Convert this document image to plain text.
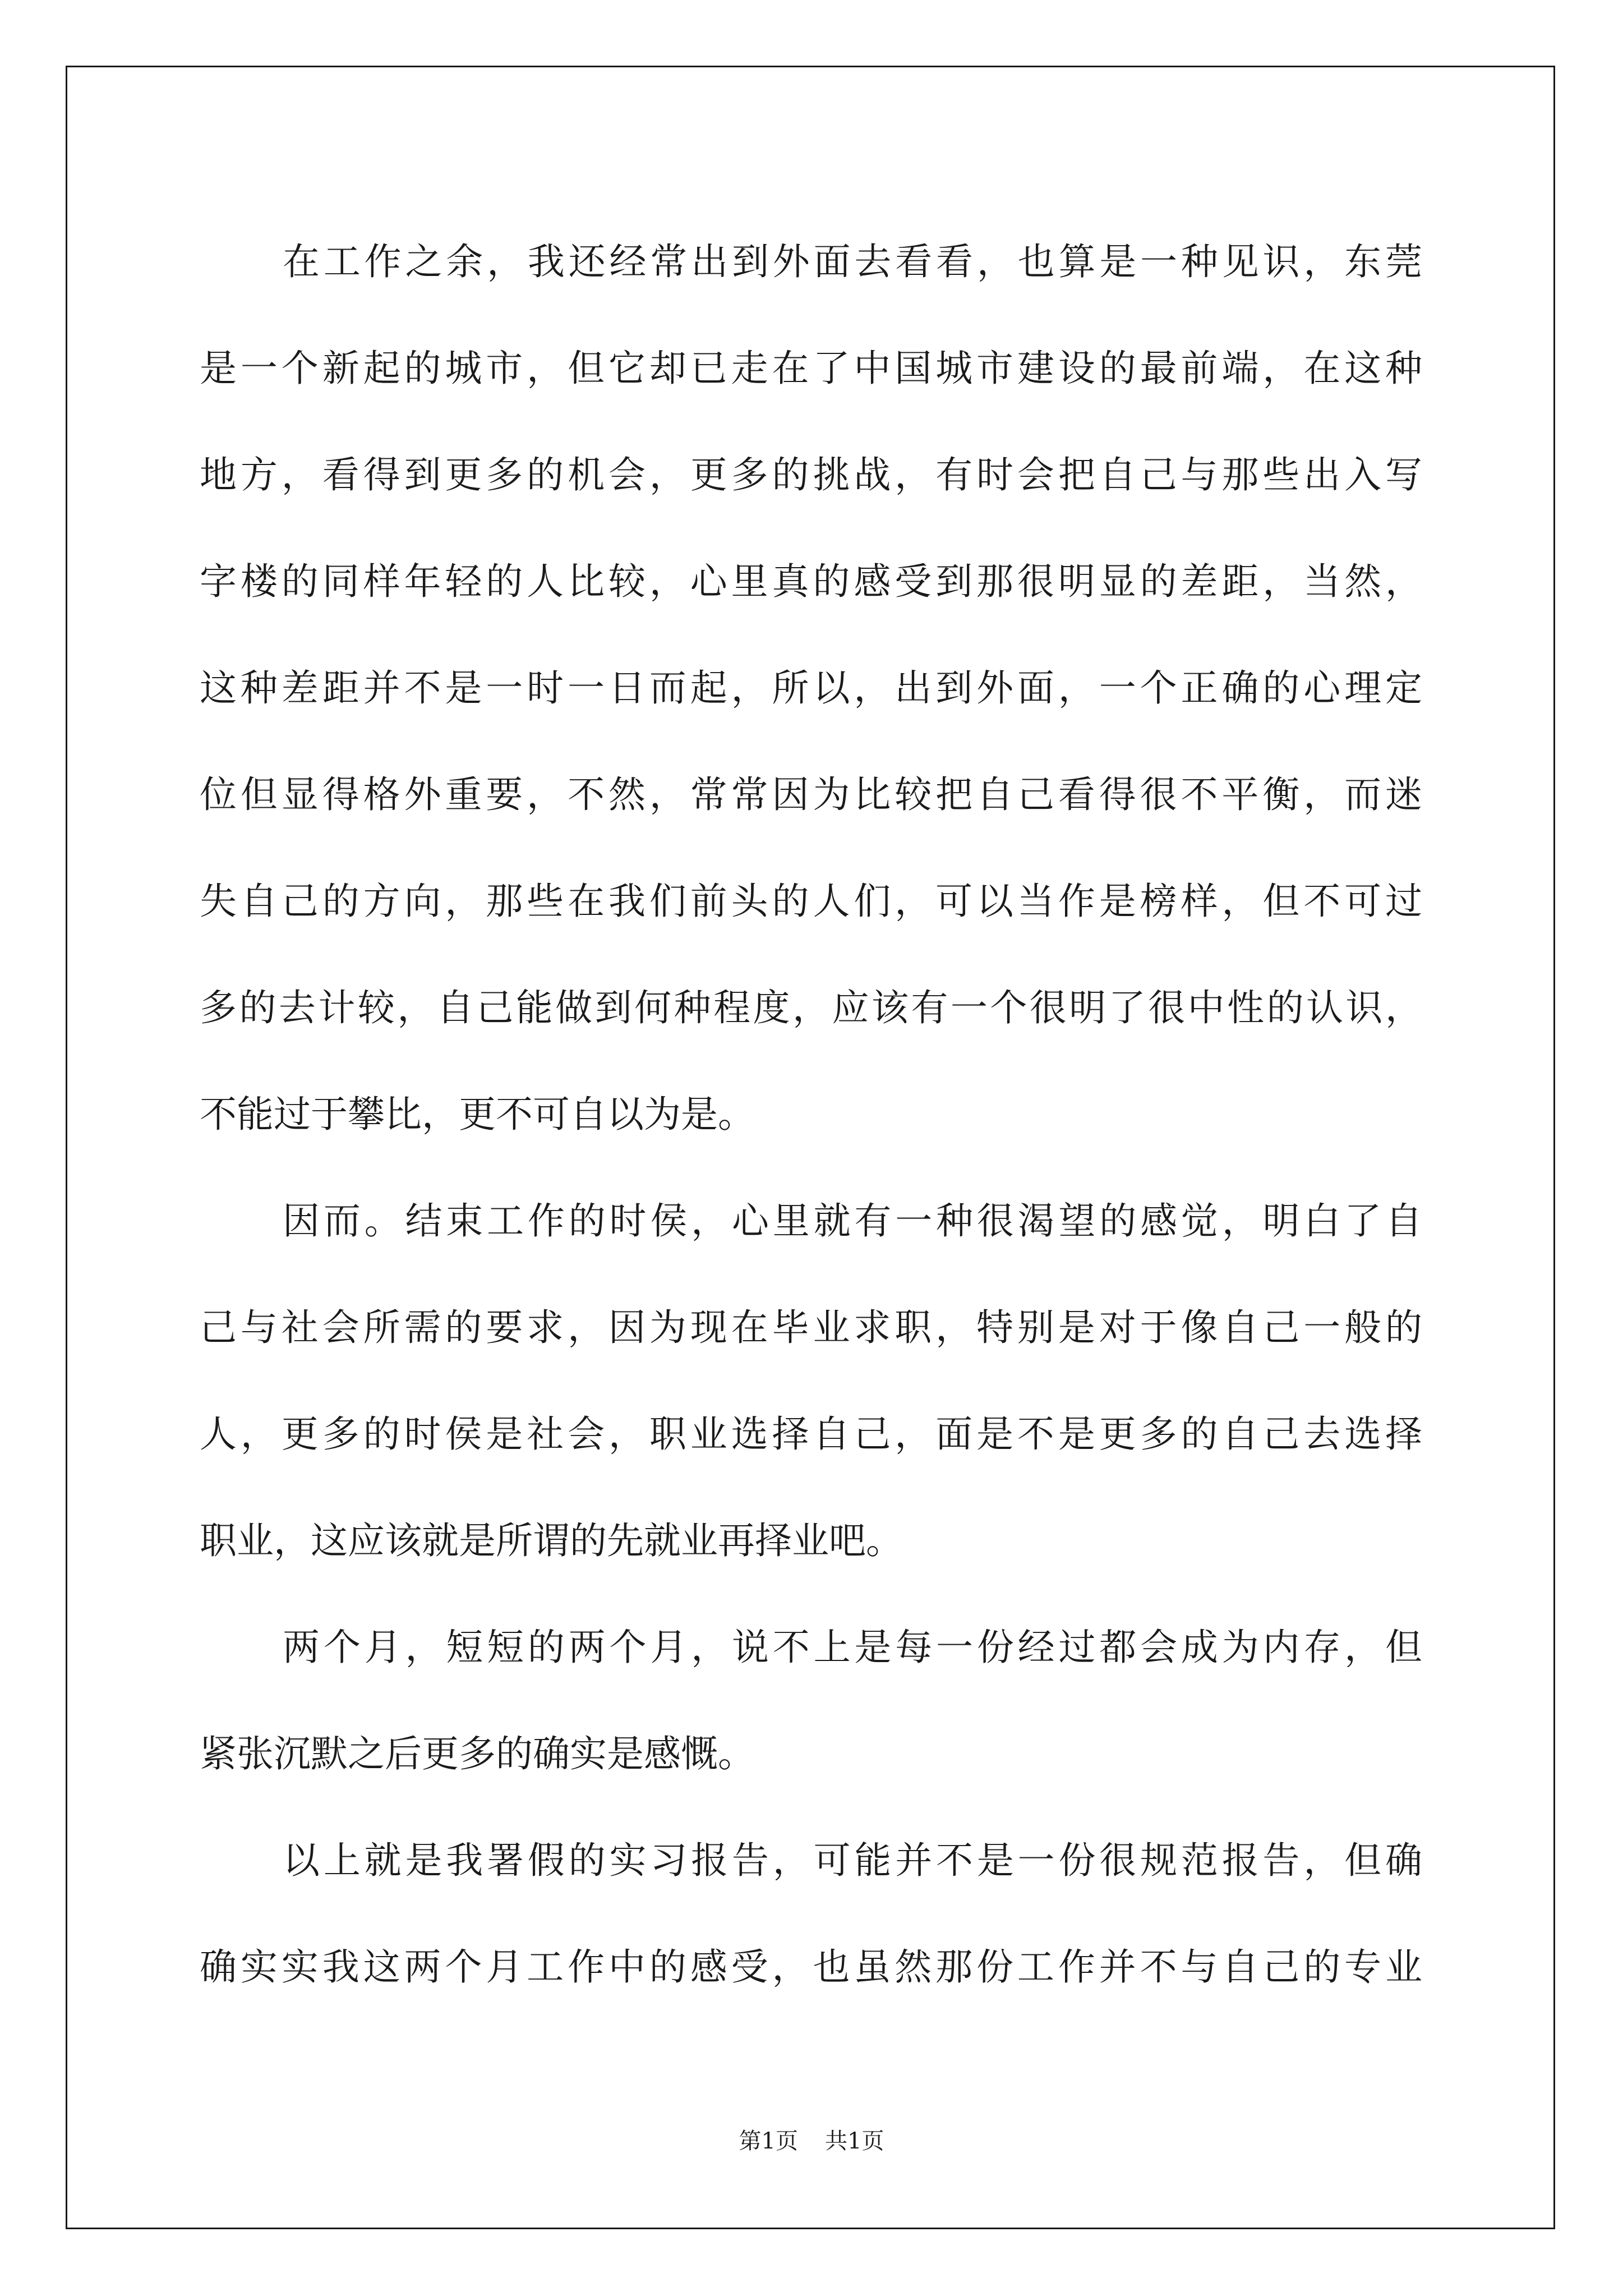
在工作之余，我还经常出到外面去看看，也算是一种见识，东莞
是一个新起的城市，但它却已走在了中国城市建设的最前端，在这种
地方，看得到更多的机会，更多的挑战，有时会把自己与那些出入写
字楼的同样年轻的人比较，心里真的感受到那很明显的差距，当然，
这种差距并不是一时一日而起，所以，出到外面，一个正确的心理定
位但显得格外重要，不然，常常因为比较把自己看得很不平衡，而迷
失自己的方向，那些在我们前头的人们，可以当作是榜样，但不可过
多的去计较，自己能做到何种程度，应该有一个很明了很中性的认识，
不能过于攀比，更不可自以为是。
因而。结束工作的时侯，心里就有一种很渴望的感觉，明白了自
己与社会所需的要求，因为现在毕业求职，特别是对于像自己一般的
人，更多的时侯是社会，职业选择自己，面是不是更多的自己去选择
职业，这应该就是所谓的先就业再择业吧。
两个月，短短的两个月，说不上是每一份经过都会成为内存，但
紧张沉默之后更多的确实是感慨。
以上就是我署假的实习报告，可能并不是一份很规范报告，但确
确实实我这两个月工作中的感受，也虽然那份工作并不与自己的专业
第1页 共1页
